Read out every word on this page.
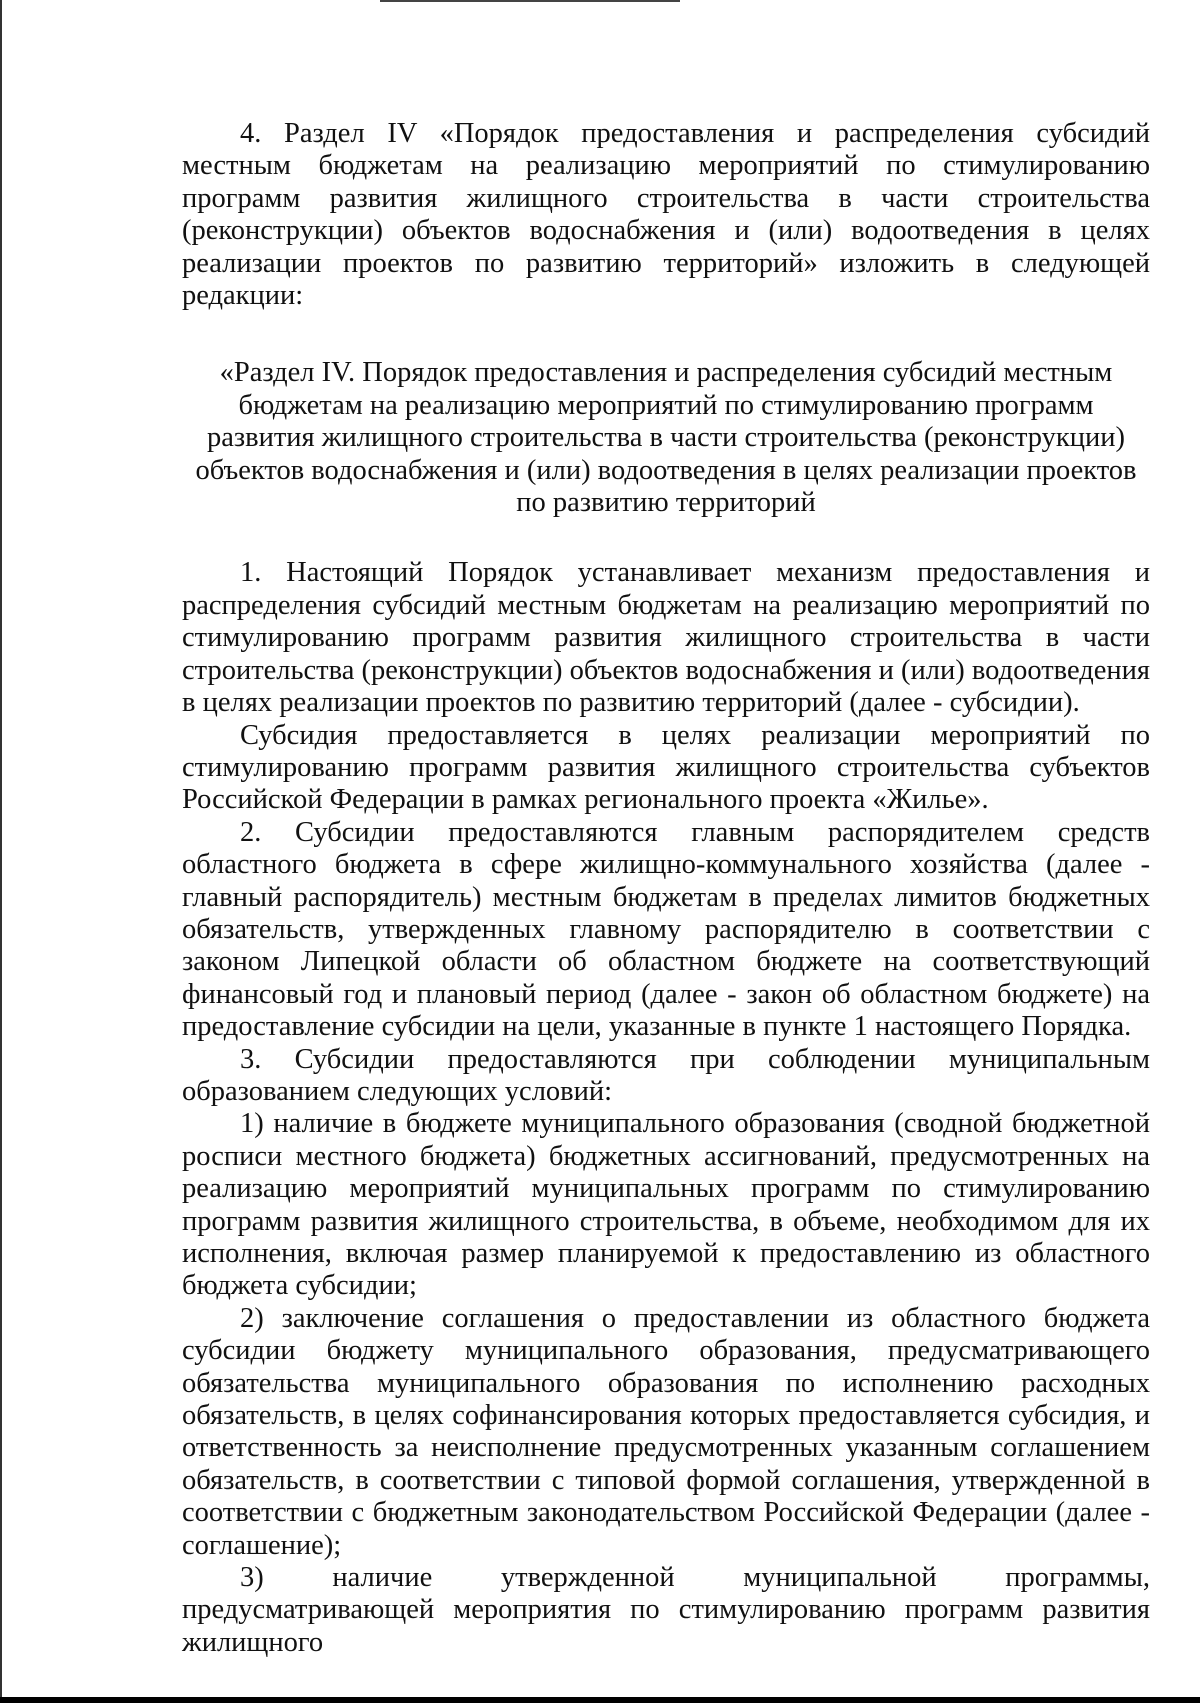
4. Раздел IV «Порядок предоставления и распределения субсидий местным бюджетам на реализацию мероприятий по стимулированию программ развития жилищного строительства в части строительства (реконструкции) объектов водоснабжения и (или) водоотведения в целях реализации проектов по развитию территорий» изложить в следующей редакции:

«Раздел IV. Порядок предоставления и распределения субсидий местным бюджетам на реализацию мероприятий по стимулированию программ развития жилищного строительства в части строительства (реконструкции) объектов водоснабжения и (или) водоотведения в целях реализации проектов по развитию территорий

1. Настоящий Порядок устанавливает механизм предоставления и распределения субсидий местным бюджетам на реализацию мероприятий по стимулированию программ развития жилищного строительства в части строительства (реконструкции) объектов водоснабжения и (или) водоотведения в целях реализации проектов по развитию территорий (далее - субсидии).

Субсидия предоставляется в целях реализации мероприятий по стимулированию программ развития жилищного строительства субъектов Российской Федерации в рамках регионального проекта «Жилье».

2. Субсидии предоставляются главным распорядителем средств областного бюджета в сфере жилищно-коммунального хозяйства (далее - главный распорядитель) местным бюджетам в пределах лимитов бюджетных обязательств, утвержденных главному распорядителю в соответствии с законом Липецкой области об областном бюджете на соответствующий финансовый год и плановый период (далее - закон об областном бюджете) на предоставление субсидии на цели, указанные в пункте 1 настоящего Порядка.

3. Субсидии предоставляются при соблюдении муниципальным образованием следующих условий:

1) наличие в бюджете муниципального образования (сводной бюджетной росписи местного бюджета) бюджетных ассигнований, предусмотренных на реализацию мероприятий муниципальных программ по стимулированию программ развития жилищного строительства, в объеме, необходимом для их исполнения, включая размер планируемой к предоставлению из областного бюджета субсидии;

2) заключение соглашения о предоставлении из областного бюджета субсидии бюджету муниципального образования, предусматривающего обязательства муниципального образования по исполнению расходных обязательств, в целях софинансирования которых предоставляется субсидия, и ответственность за неисполнение предусмотренных указанным соглашением обязательств, в соответствии с типовой формой соглашения, утвержденной в соответствии с бюджетным законодательством Российской Федерации (далее - соглашение);

3) наличие утвержденной муниципальной программы, предусматривающей мероприятия по стимулированию программ развития жилищного
